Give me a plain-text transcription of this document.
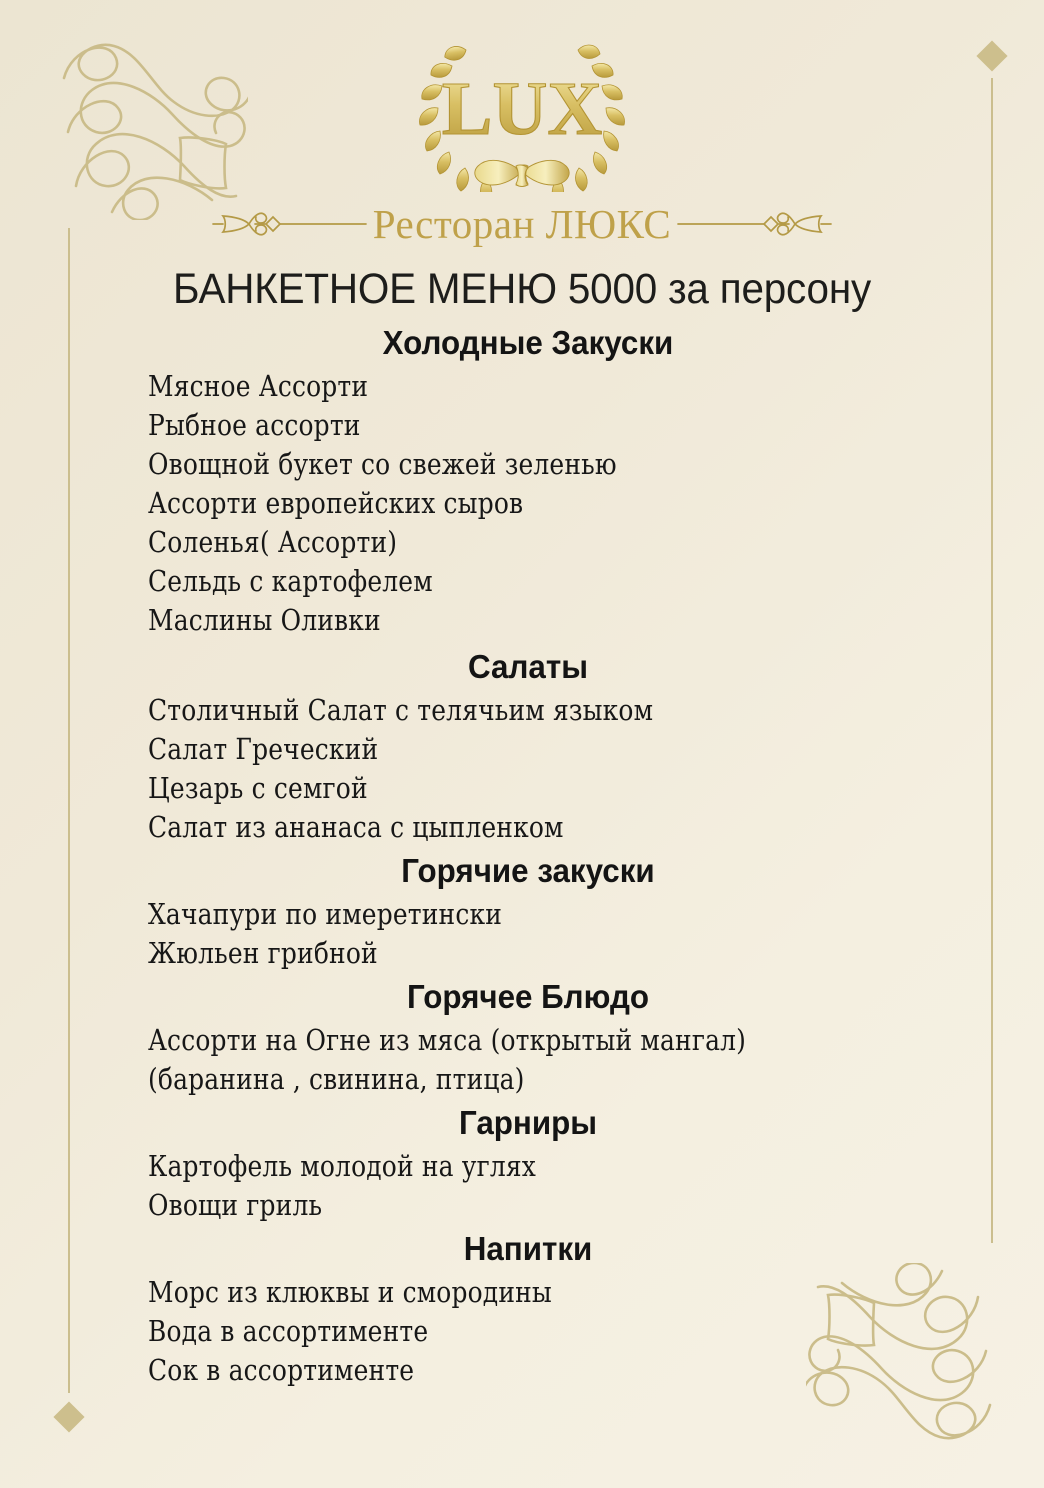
LUX
Ресторан ЛЮКС
БАНКЕТНОЕ МЕНЮ 5000 за персону
Холодные Закуски
Мясное Ассорти
Рыбное ассорти
Овощной букет со свежей зеленью
Ассорти европейских сыров
Соленья( Ассорти)
Сельдь с картофелем
Маслины Оливки
Салаты
Столичный Салат с телячьим языком
Салат Греческий
Цезарь с семгой
Салат из ананаса с цыпленком
Горячие закуски
Хачапури по имеретински
Жюльен грибной
Горячее Блюдо
Ассорти на Огне из мяса (открытый мангал)
(баранина , свинина, птица)
Гарниры
Картофель молодой на углях
Овощи гриль
Напитки
Морс из клюквы и смородины
Вода в ассортименте
Сок в ассортименте
